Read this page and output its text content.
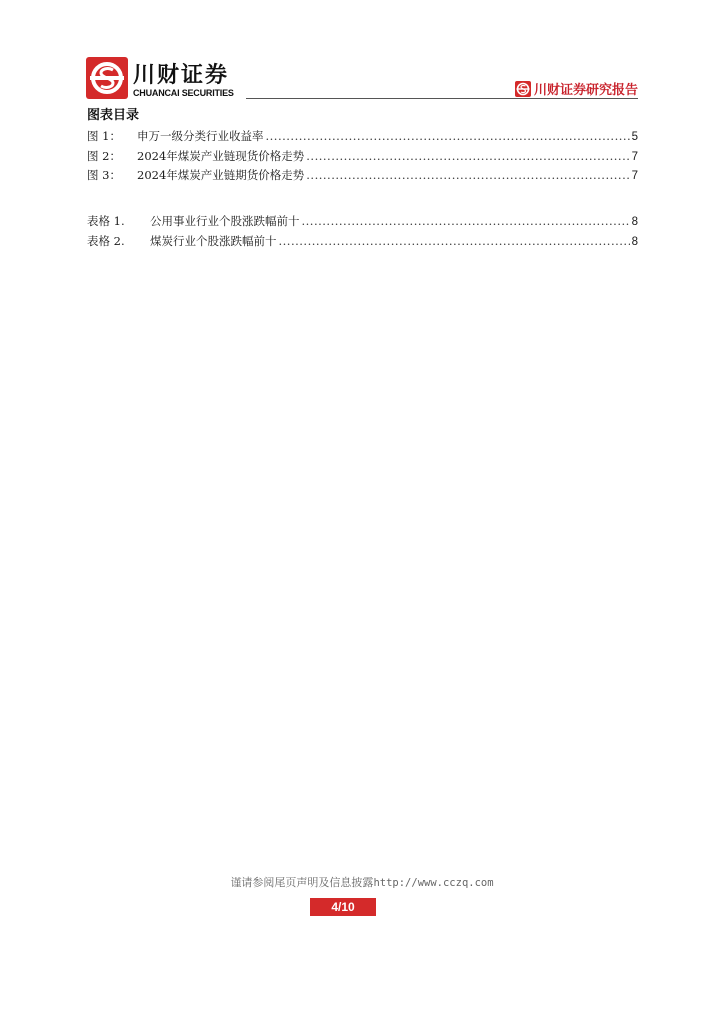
川财证券
CHUANCAI SECURITIES	川财证券研究报告
图表目录
图 1：	申万一级分类行业收益率 .....	5
图 2：	2024年煤炭产业链现货价格走势 .....	7
图 3：	2024年煤炭产业链期货价格走势 .....	7
表格 1.	公用事业行业个股涨跌幅前十 .....	8
表格 2.	煤炭行业个股涨跌幅前十 .....	8
谨请参阅尾页声明及信息披露http://www.cczq.com
4/10
